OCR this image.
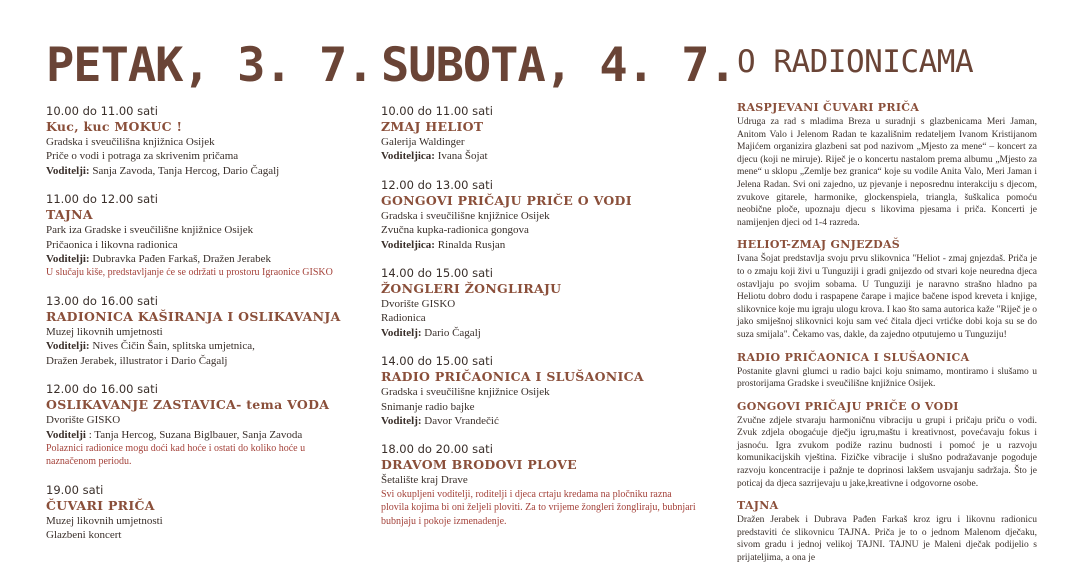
PETAK, 3. 7.
10.00 do 11.00 sati
Kuc, kuc MOKUC !
Gradska i sveučilišna knjižnica Osijek
Priče o vodi i potraga za skrivenim pričama
Voditelji: Sanja Zavoda, Tanja Hercog, Dario Čagalj
11.00 do 12.00 sati
TAJNA
Park iza Gradske i sveučilišne knjižnice Osijek
Pričaonica i likovna radionica
Voditelji: Dubravka Pađen Farkaš, Dražen Jerabek
U slučaju kiše, predstavljanje će se održati u prostoru Igraonice GISKO
13.00 do 16.00 sati
RADIONICA KAŠIRANJA I OSLIKAVANJA
Muzej likovnih umjetnosti
Voditelji: Nives Čičin Šain, splitska umjetnica,
Dražen Jerabek, illustrator i Dario Čagalj
12.00 do 16.00 sati
OSLIKAVANJE ZASTAVICA- tema VODA
Dvorište GISKO
Voditelji : Tanja Hercog, Suzana Biglbauer, Sanja Zavoda
Polaznici radionice mogu doći kad hoće i ostati do koliko hoće u naznačenom periodu.
19.00 sati
ČUVARI PRIČA
Muzej likovnih umjetnosti
Glazbeni koncert
SUBOTA, 4. 7.
10.00 do 11.00 sati
ZMAJ HELIOT
Galerija Waldinger
Voditeljica: Ivana Šojat
12.00 do 13.00 sati
GONGOVI PRIČAJU PRIČE O VODI
Gradska i sveučilišne knjižnice Osijek
Zvučna kupka-radionica gongova
Voditeljica: Rinalda Rusjan
14.00 do 15.00 sati
ŽONGLERI ŽONGLIRAJU
Dvorište GISKO
Radionica
Voditelj: Dario Čagalj
14.00 do 15.00 sati
RADIO PRIČAONICA I SLUŠAONICA
Gradska i sveučilišne knjižnice Osijek
Snimanje radio bajke
Voditelj: Davor Vrandečić
18.00 do 20.00 sati
DRAVOM BRODOVI PLOVE
Šetalište kraj Drave
Svi okupljeni voditelji, roditelji i djeca crtaju kredama na pločniku razna plovila kojima bi oni željeli ploviti. Za to vrijeme žongleri žongliraju, bubnjari bubnjaju i pokoje izmenadenje.
O RADIONICAMA
RASPJEVANI ČUVARI PRIČA
Udruga za rad s mladima Breza u suradnji s glazbenicama Meri Jaman, Anitom Valo i Jelenom Radan te kazališnim redateljem Ivanom Kristijanom Majićem organizira glazbeni sat pod nazivom „Mjesto za mene“ – koncert za djecu (koji ne miruje). Riječ je o koncertu nastalom prema albumu „Mjesto za mene“ u sklopu „Zemlje bez granica“ koje su vodile Anita Valo, Meri Jaman i Jelena Radan. Svi oni zajedno, uz pjevanje i neposrednu interakciju s djecom, zvukove gitarele, harmonike, glockenspiela, triangla, šuškalica pomoću neobične ploče, upoznaju djecu s likovima pjesama i priča. Koncerti je namijenjen djeci od 1-4 razreda.
HELIOT-ZMAJ GNJEZDAŠ
Ivana Šojat predstavlja svoju prvu slikovnica "Heliot - zmaj gnjezdaš. Priča je to o zmaju koji živi u Tunguziji i gradi gnijezdo od stvari koje neuredna djeca ostavljaju po svojim sobama. U Tunguziji je naravno strašno hladno pa Heliotu dobro dodu i raspарene čarape i majice bačene ispod kreveta i knjige, slikovnice koje mu igraju ulogu krova. I kao što sama autorica kaže "Riječ je o jako smiješnoj slikovnici koju sam već čitala djeci vrtićke dobi koja su se do suza smijala". Čekamo vas, dakle, da zajedno otputujemo u Tunguziju!
RADIO PRIČAONICA I SLUŠAONICA
Postanite glavni glumci u radio bajci koju snimamo, montiramo i slušamo u prostorijama Gradske i sveučilišne knjižnice Osijek.
GONGOVI PRIČAJU PRIČE O VODI
Zvučne zdjele stvaraju harmoničnu vibraciju u grupi i pričaju priču o vodi. Zvuk zdjela obogaćuje dječju igru,maštu i kreativnost, povećavaju fokus i jasnoću. Igra zvukom podiže razinu budnosti i pomoć je u razvoju komunikacijskih vještina. Fizičke vibracije i slušno podražavanje pogoduje razvoju koncentracije i pažnje te doprinosi lakšem usvajanju sadržaja. Što je poticaj da djeca sazrijevaju u jake,kreativne i odgovorne osobe.
TAJNA
Dražen Jerabek i Dubrava Pađen Farkaš kroz igru i likovnu radionicu predstaviti će slikovnicu TAJNA. Priča je to o jednom Malenom dječaku, sivom gradu i jednoj velikoj TAJNI. TAJNU je Maleni dječak podijelio s prijateljima, a ona je
